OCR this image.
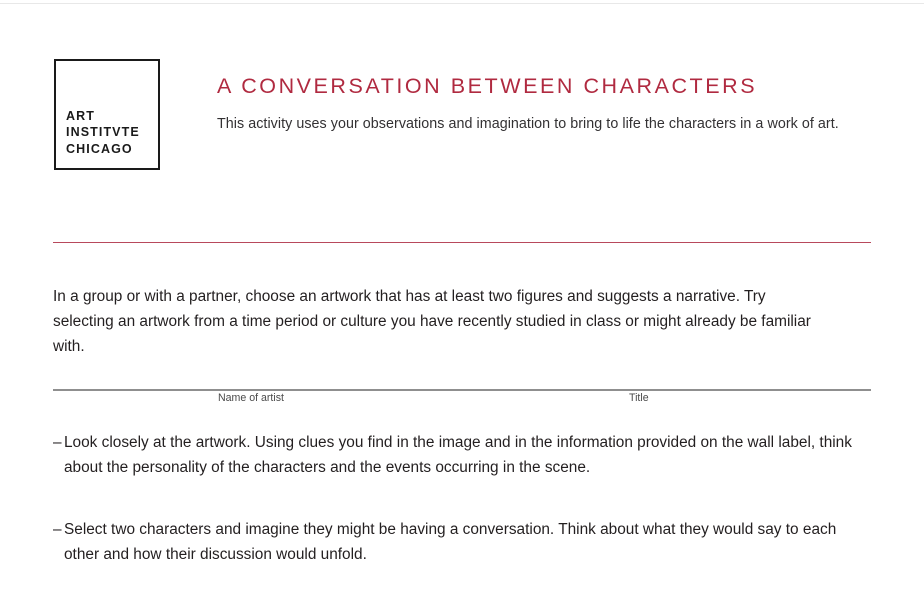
ART
INSTITVTE
CHICAGO
A CONVERSATION BETWEEN CHARACTERS

This activity uses your observations and imagination to bring to life the characters in a work of art.

In a group or with a partner, choose an artwork that has at least two figures and suggests a narrative. Try selecting an artwork from a time period or culture you have recently studied in class or might already be familiar with.

Name of artist	Title
– Look closely at the artwork. Using clues you find in the image and in the information provided on the wall label, think about the personality of the characters and the events occurring in the scene.
– Select two characters and imagine they might be having a conversation. Think about what they would say to each other and how their discussion would unfold.
